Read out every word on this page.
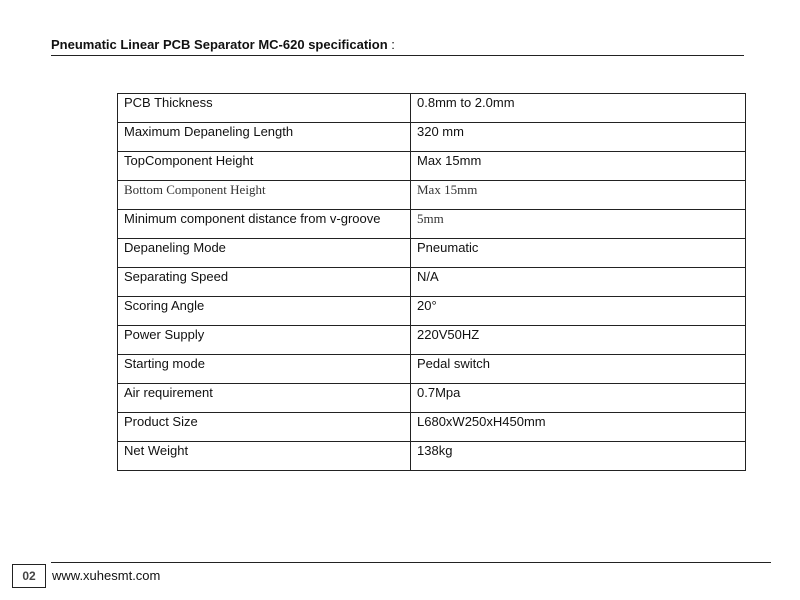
Pneumatic Linear PCB Separator MC-620 specification :
PCB Thickness	0.8mm to 2.0mm
Maximum Depaneling Length	320 mm
TopComponent Height	Max 15mm
Bottom Component Height	Max 15mm
Minimum component distance from v-groove	5mm
Depaneling Mode	Pneumatic
Separating Speed	N/A
Scoring Angle	20°
Power Supply	220V50HZ
Starting mode	Pedal switch
Air requirement	0.7Mpa
Product Size	L680xW250xH450mm
Net Weight	138kg
02	www.xuhesmt.com
